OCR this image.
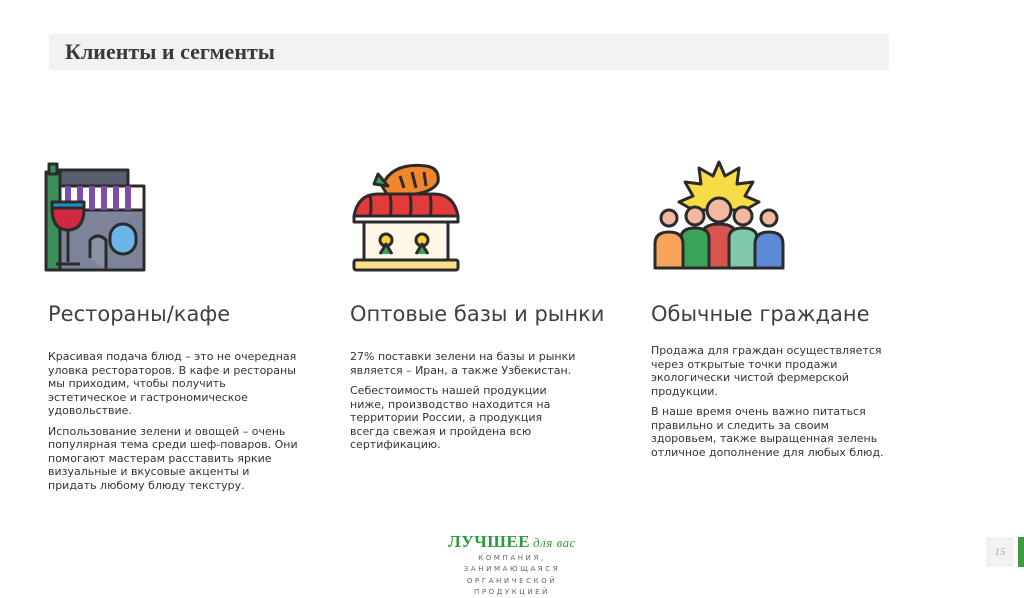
Клиенты и сегменты
Рестораны/кафе	Оптовые базы и рынки Обычные граждане

Красивая подача блюд – это не очередная уловка рестораторов. В кафе и рестораны мы приходим, чтобы получить эстетическое и гастрономическое удовольствие.

Использование зелени и овощей – очень популярная тема среди шеф-поваров. Они помогают мастерам расставить яркие визуальные и вкусовые акценты и придать любому блюду текстуру.

27% поставки зелени на базы и рынки является – Иран, а также Узбекистан.

Себестоимость нашей продукции ниже, производство находится на территории России, а продукция всегда свежая и пройдена всю сертификацию.

Продажа для граждан осуществляется через открытые точки продажи экологически чистой фермерской продукции.

В наше время очень важно питаться правильно и следить за своим здоровьем, также выращенная зелень отличное дополнение для любых блюд.

ЛУЧШЕЕ для вас
КОМПАНИЯ, ЗАНИМАЮЩАЯСЯ
ОРГАНИЧЕСКОЙ ПРОДУКЦИЕЙ
15
